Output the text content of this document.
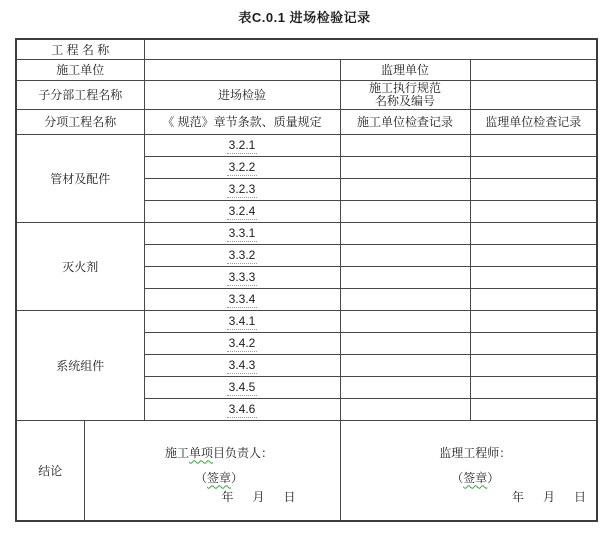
表C.0.1 进场检验记录
工 程 名 称				
施工单位			监理单位	
子分部工程名称		进场检验	施工执行规范
名称及编号	

分项工程名称		《 规范》章节条款、质量规定	施工单位检查记录	监理单位检查记录
管材及配件		3.2.1		
		3.2.2		
		3.2.3		
		3.2.4		
灭火剂		3.3.1		
		3.3.2		
		3.3.3		
		3.3.4		
系统组件		3.4.1		
		3.4.2		
		3.4.3		
		3.4.5		
		3.4.6		
结论	
施工单项目负责人：
（签章）
年 月 日

监理工程师：
（签章）
年 月 日
